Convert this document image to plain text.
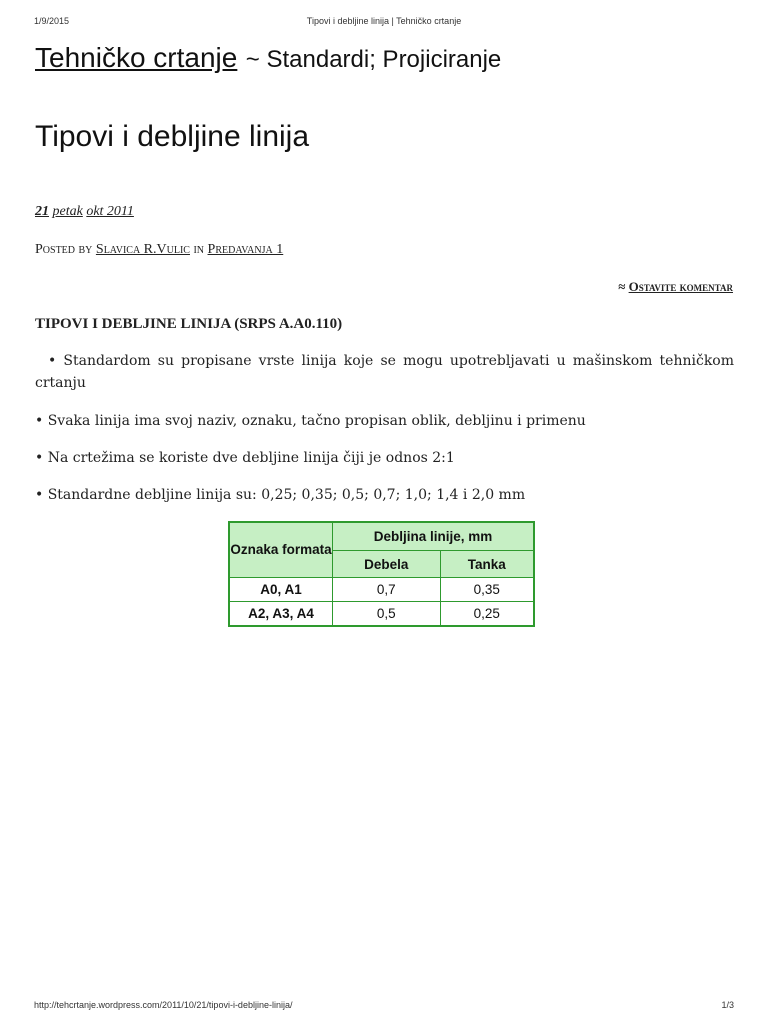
1/9/2015	Tipovi i debljine linija | Tehničko crtanje
Tehničko crtanje ~ Standardi; Projiciranje
Tipovi i debljine linija
21 petak okt 2011
Posted by Slavica R.Vulic in Predavanja 1
≈ Ostavite komentar
TIPOVI I DEBLJINE LINIJA (SRPS A.A0.110)

• Standardom su propisane vrste linija koje se mogu upotrebljavati u mašinskom tehničkom crtanju

• Svaka linija ima svoj naziv, oznaku, tačno propisan oblik, debljinu i primenu

• Na crtežima se koriste dve debljine linija čiji je odnos 2:1

• Standardne debljine linija su: 0,25; 0,35; 0,5; 0,7; 1,0; 1,4 i 2,0 mm

Oznaka formata	Debljina linije, mm	
	Debela	Tanka
A0, A1	0,7	0,35
A2, A3, A4	0,5	0,25
http://tehcrtanje.wordpress.com/2011/10/21/tipovi-i-debljine-linija/	1/3
